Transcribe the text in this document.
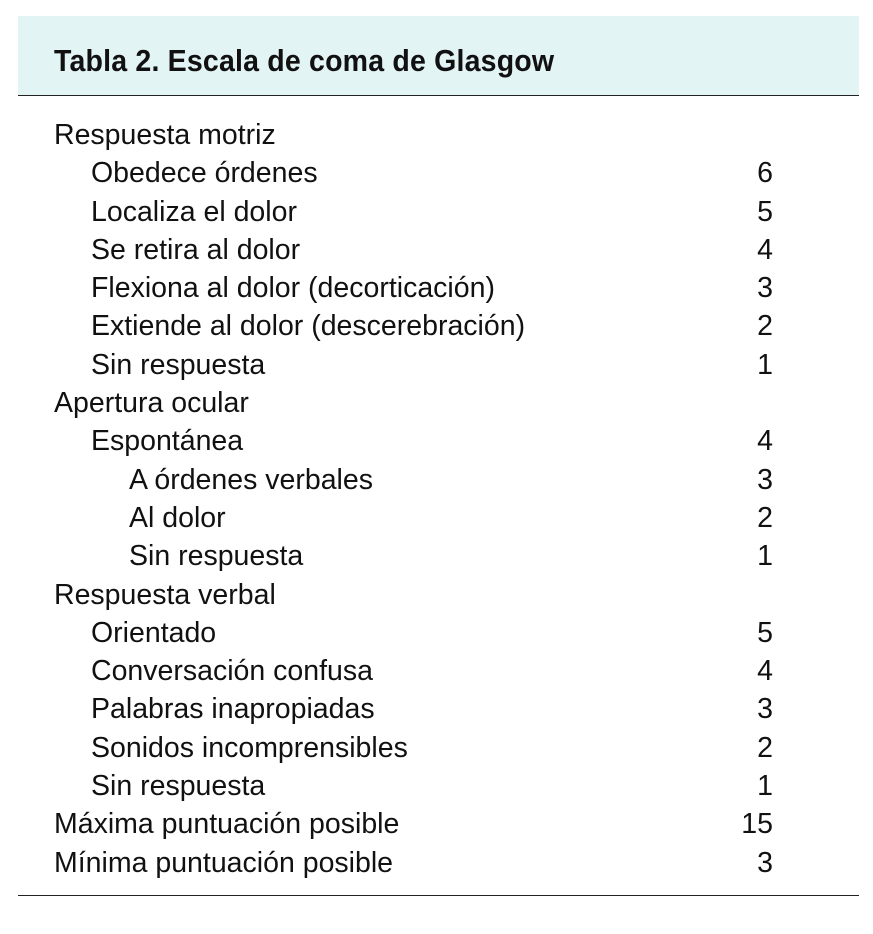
Tabla 2. Escala de coma de Glasgow
Respuesta motriz
Obedece órdenes	6
Localiza el dolor	5
Se retira al dolor	4
Flexiona al dolor (decorticación)	3
Extiende al dolor (descerebración)	2
Sin respuesta	1
Apertura ocular
Espontánea	4
A órdenes verbales	3
Al dolor	2
Sin respuesta	1
Respuesta verbal
Orientado	5
Conversación confusa	4
Palabras inapropiadas	3
Sonidos incomprensibles	2
Sin respuesta	1
Máxima puntuación posible	15
Mínima puntuación posible	3
